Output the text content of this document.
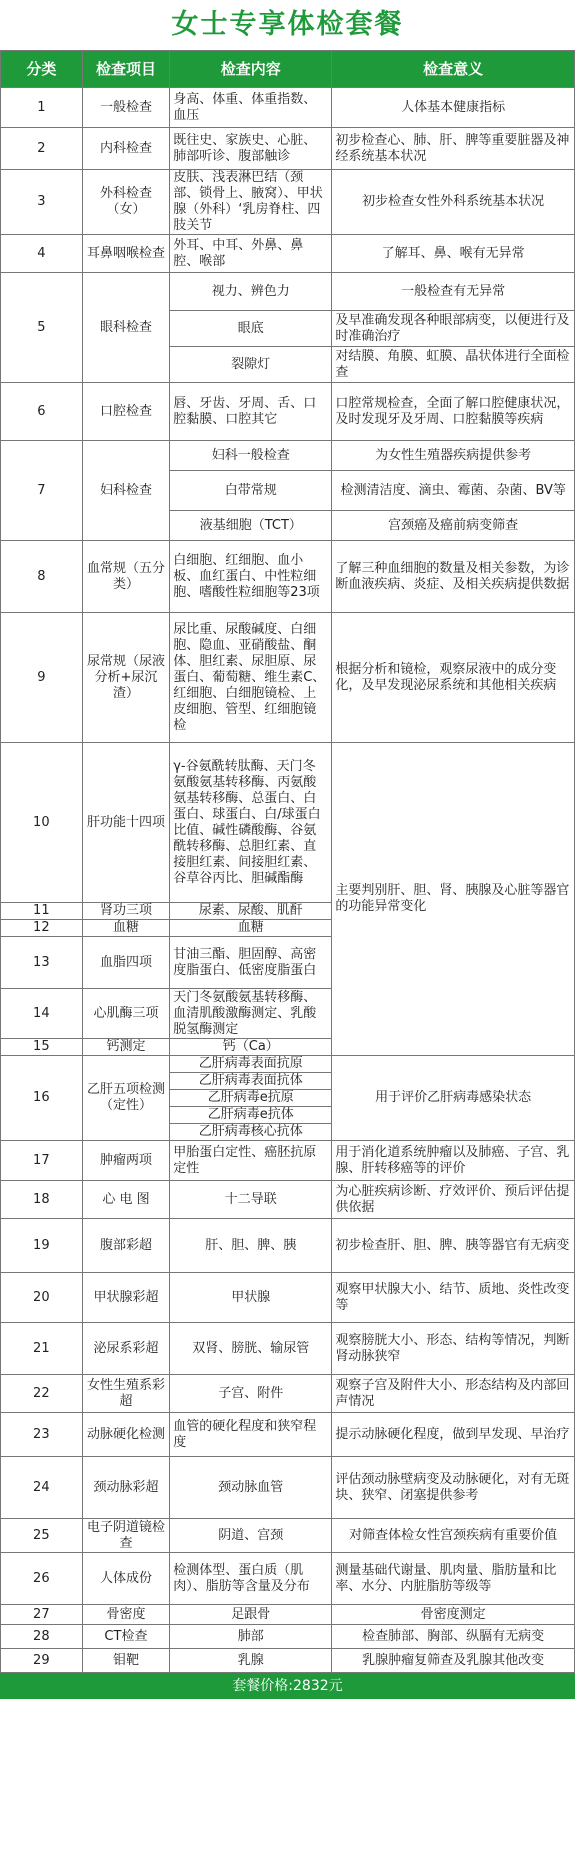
女士专享体检套餐
分类	检查项目	检查内容	检查意义
1	一般检查	身高、体重、体重指数、血压	人体基本健康指标
2	内科检查	既往史、家族史、心脏、肺部听诊、腹部触诊	初步检查心、肺、肝、脾等重要脏器及神经系统基本状况
3	外科检查（女）	皮肤、浅表淋巴结（颈部、锁骨上、腋窝）、甲状腺（外科）‘乳房脊柱、四肢关节	初步检查女性外科系统基本状况
4	耳鼻咽喉检查	外耳、中耳、外鼻、鼻腔、喉部	了解耳、鼻、喉有无异常
5	眼科检查	视力、辨色力	一般检查有无异常
		眼底	及早准确发现各种眼部病变，以便进行及时准确治疗
		裂隙灯	对结膜、角膜、虹膜、晶状体进行全面检查
6	口腔检查	唇、牙齿、牙周、舌、口腔黏膜、口腔其它	口腔常规检查，全面了解口腔健康状况，及时发现牙及牙周、口腔黏膜等疾病
7	妇科检查	妇科一般检查	为女性生殖器疾病提供参考
		白带常规	检测清洁度、滴虫、霉菌、杂菌、BV等
		液基细胞（TCT）	宫颈癌及癌前病变筛查
8	血常规（五分类）	白细胞、红细胞、血小板、血红蛋白、中性粒细胞、嗜酸性粒细胞等23项	了解三种血细胞的数量及相关参数，为诊断血液疾病、炎症、及相关疾病提供数据
9	尿常规（尿液分析+尿沉渣）	尿比重、尿酸碱度、白细胞、隐血、亚硝酸盐、酮体、胆红素、尿胆原、尿蛋白、葡萄糖、维生素C、红细胞、白细胞镜检、上皮细胞、管型、红细胞镜检	根据分析和镜检，观察尿液中的成分变化，及早发现泌尿系统和其他相关疾病
10	肝功能十四项	γ-谷氨酰转肽酶、天门冬氨酸氨基转移酶、丙氨酸氨基转移酶、总蛋白、白蛋白、球蛋白、白/球蛋白比值、碱性磷酸酶、谷氨酰转移酶、总胆红素、直接胆红素、间接胆红素、谷草谷丙比、胆碱酯酶	主要判别肝、胆、肾、胰腺及心脏等器官的功能异常变化
11	肾功三项	尿素、尿酸、肌酐	
12	血糖	血糖	
13	血脂四项	甘油三酯、胆固醇、高密度脂蛋白、低密度脂蛋白	
14	心肌酶三项	天门冬氨酸氨基转移酶、血清肌酸激酶测定、乳酸脱氢酶测定	
15	钙测定	钙（Ca）	
16	乙肝五项检测（定性）	乙肝病毒表面抗原	用于评价乙肝病毒感染状态
		乙肝病毒表面抗体	
		乙肝病毒e抗原	
		乙肝病毒e抗体	
		乙肝病毒核心抗体	
17	肿瘤两项	甲胎蛋白定性、癌胚抗原定性	用于消化道系统肿瘤以及肺癌、子宫、乳腺、肝转移癌等的评价
18	心 电 图	十二导联	为心脏疾病诊断、疗效评价、预后评估提供依据
19	腹部彩超	肝、胆、脾、胰	初步检查肝、胆、脾、胰等器官有无病变
20	甲状腺彩超	甲状腺	观察甲状腺大小、结节、质地、炎性改变等
21	泌尿系彩超	双肾、膀胱、输尿管	观察膀胱大小、形态、结构等情况，判断肾动脉狭窄
22	女性生殖系彩超	子宫、附件	观察子宫及附件大小、形态结构及内部回声情况
23	动脉硬化检测	血管的硬化程度和狭窄程度	提示动脉硬化程度，做到早发现、早治疗
24	颈动脉彩超	颈动脉血管	评估颈动脉壁病变及动脉硬化，对有无斑块、狭窄、闭塞提供参考
25	电子阴道镜检查	阴道、宫颈	对筛查体检女性宫颈疾病有重要价值
26	人体成份	检测体型、蛋白质（肌肉）、脂肪等含量及分布	测量基础代谢量、肌肉量、脂肪量和比率、水分、内脏脂肪等级等
27	骨密度	足跟骨	骨密度测定
28	CT检查	肺部	检查肺部、胸部、纵膈有无病变
29	钼靶	乳腺	乳腺肿瘤复筛查及乳腺其他改变
套餐价格:2832元
